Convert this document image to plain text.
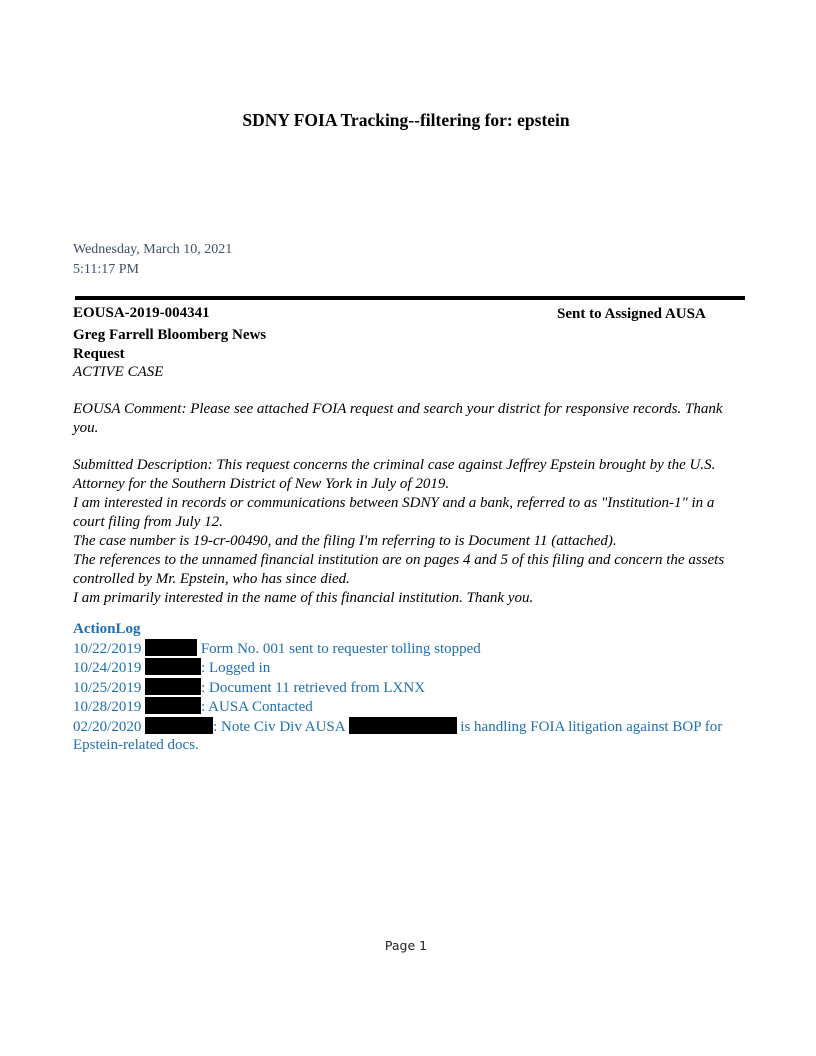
SDNY FOIA Tracking--filtering for: epstein
Wednesday, March 10, 2021
5:11:17 PM
EOUSA-2019-004341	Sent to Assigned AUSA
Greg Farrell Bloomberg News Request
ACTIVE CASE
EOUSA Comment: Please see attached FOIA request and search your district for responsive records. Thank you.

Submitted Description: This request concerns the criminal case against Jeffrey Epstein brought by the U.S. Attorney for the Southern District of New York in July of 2019.

I am interested in records or communications between SDNY and a bank, referred to as "Institution-1" in a court filing from July 12.

The case number is 19-cr-00490, and the filing I'm referring to is Document 11 (attached).

The references to the unnamed financial institution are on pages 4 and 5 of this filing and concern the assets controlled by Mr. Epstein, who has since died.

I am primarily interested in the name of this financial institution. Thank you.

ActionLog
10/22/2019	Form No. 001 sent to requester tolling stopped
10/24/2019	: Logged in
10/25/2019	: Document 11 retrieved from LXNX
10/28/2019	: AUSA Contacted
02/20/2020	: Note Civ Div AUSA	is handling FOIA litigation against BOP for Epstein-related docs.
Page 1
